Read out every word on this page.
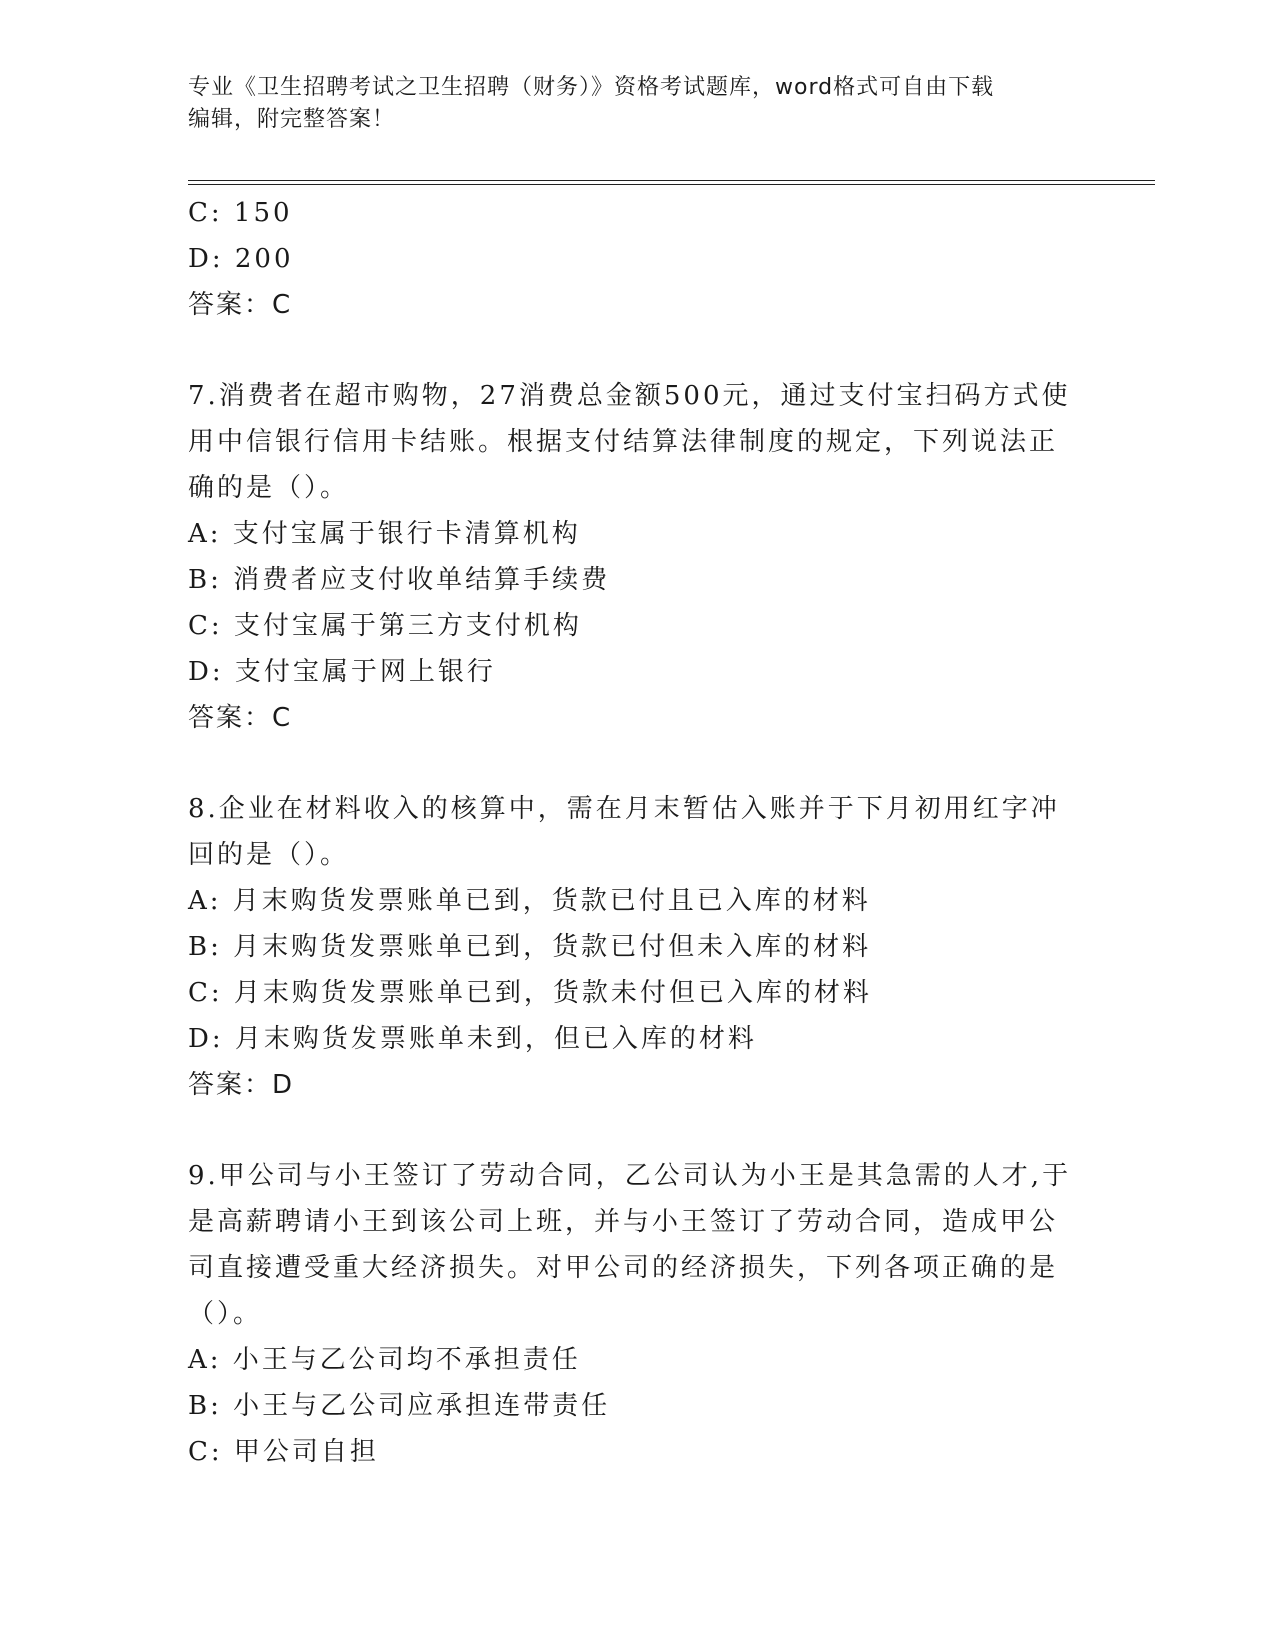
专业《卫生招聘考试之卫生招聘（财务）》资格考试题库，word格式可自由下载
编辑，附完整答案！
C: 150
D: 200
答案：C
7.消费者在超市购物，27消费总金额500元，通过支付宝扫码方式使
用中信银行信用卡结账。根据支付结算法律制度的规定，下列说法正
确的是（）。
A: 支付宝属于银行卡清算机构
B: 消费者应支付收单结算手续费
C: 支付宝属于第三方支付机构
D: 支付宝属于网上银行
答案：C
8.企业在材料收入的核算中，需在月末暂估入账并于下月初用红字冲
回的是（）。
A: 月末购货发票账单已到，货款已付且已入库的材料
B: 月末购货发票账单已到，货款已付但未入库的材料
C: 月末购货发票账单已到，货款未付但已入库的材料
D: 月末购货发票账单未到，但已入库的材料
答案：D
9.甲公司与小王签订了劳动合同，乙公司认为小王是其急需的人才,于
是高薪聘请小王到该公司上班，并与小王签订了劳动合同，造成甲公
司直接遭受重大经济损失。对甲公司的经济损失，下列各项正确的是
（）。
A: 小王与乙公司均不承担责任
B: 小王与乙公司应承担连带责任
C: 甲公司自担
